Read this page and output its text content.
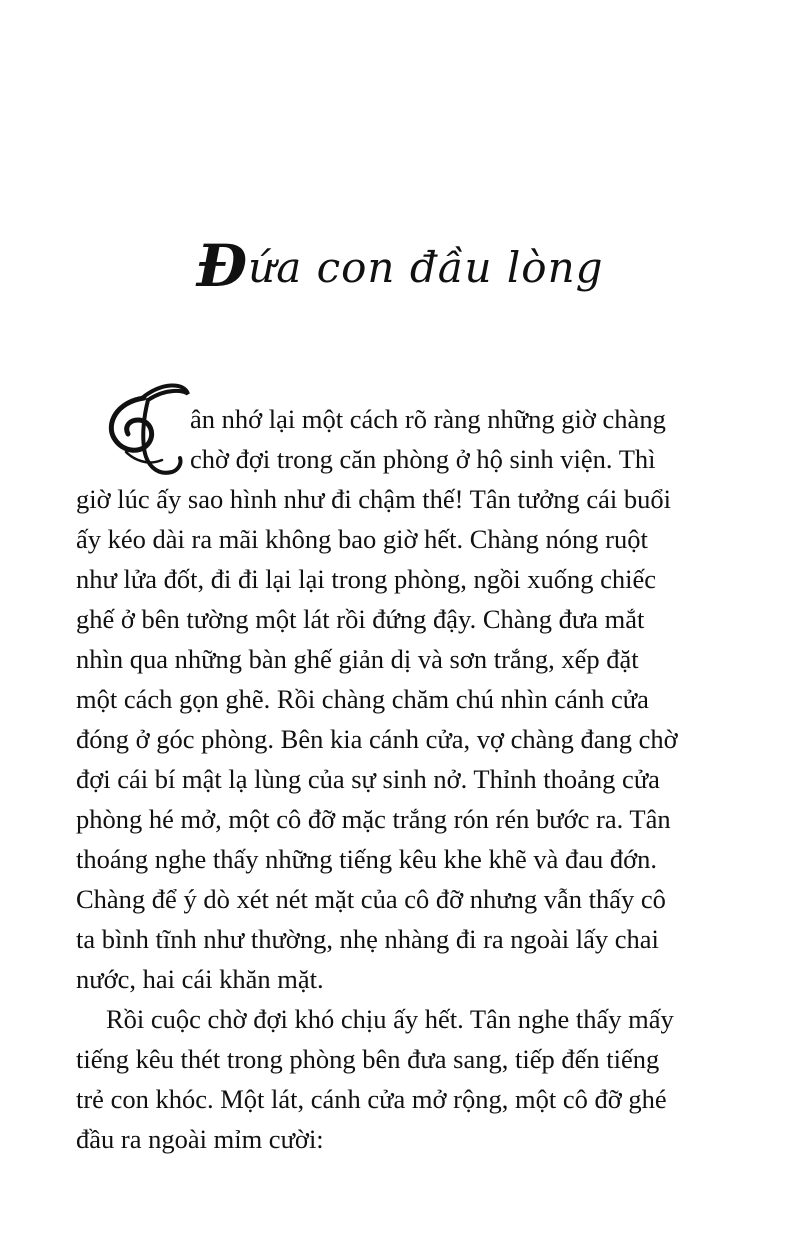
Đứa con đầu lòng

ân nhớ lại một cách rõ ràng những giờ chàng

chờ đợi trong căn phòng ở hộ sinh viện. Thì

giờ lúc ấy sao hình như đi chậm thế! Tân tưởng cái buổi

ấy kéo dài ra mãi không bao giờ hết. Chàng nóng ruột

như lửa đốt, đi đi lại lại trong phòng, ngồi xuống chiếc

ghế ở bên tường một lát rồi đứng đậy. Chàng đưa mắt

nhìn qua những bàn ghế giản dị và sơn trắng, xếp đặt

một cách gọn ghẽ. Rồi chàng chăm chú nhìn cánh cửa

đóng ở góc phòng. Bên kia cánh cửa, vợ chàng đang chờ

đợi cái bí mật lạ lùng của sự sinh nở. Thỉnh thoảng cửa

phòng hé mở, một cô đỡ mặc trắng rón rén bước ra. Tân

thoáng nghe thấy những tiếng kêu khe khẽ và đau đớn.

Chàng để ý dò xét nét mặt của cô đỡ nhưng vẫn thấy cô

ta bình tĩnh như thường, nhẹ nhàng đi ra ngoài lấy chai

nước, hai cái khăn mặt.

Rồi cuộc chờ đợi khó chịu ấy hết. Tân nghe thấy mấy

tiếng kêu thét trong phòng bên đưa sang, tiếp đến tiếng

trẻ con khóc. Một lát, cánh cửa mở rộng, một cô đỡ ghé

đầu ra ngoài mỉm cười:
